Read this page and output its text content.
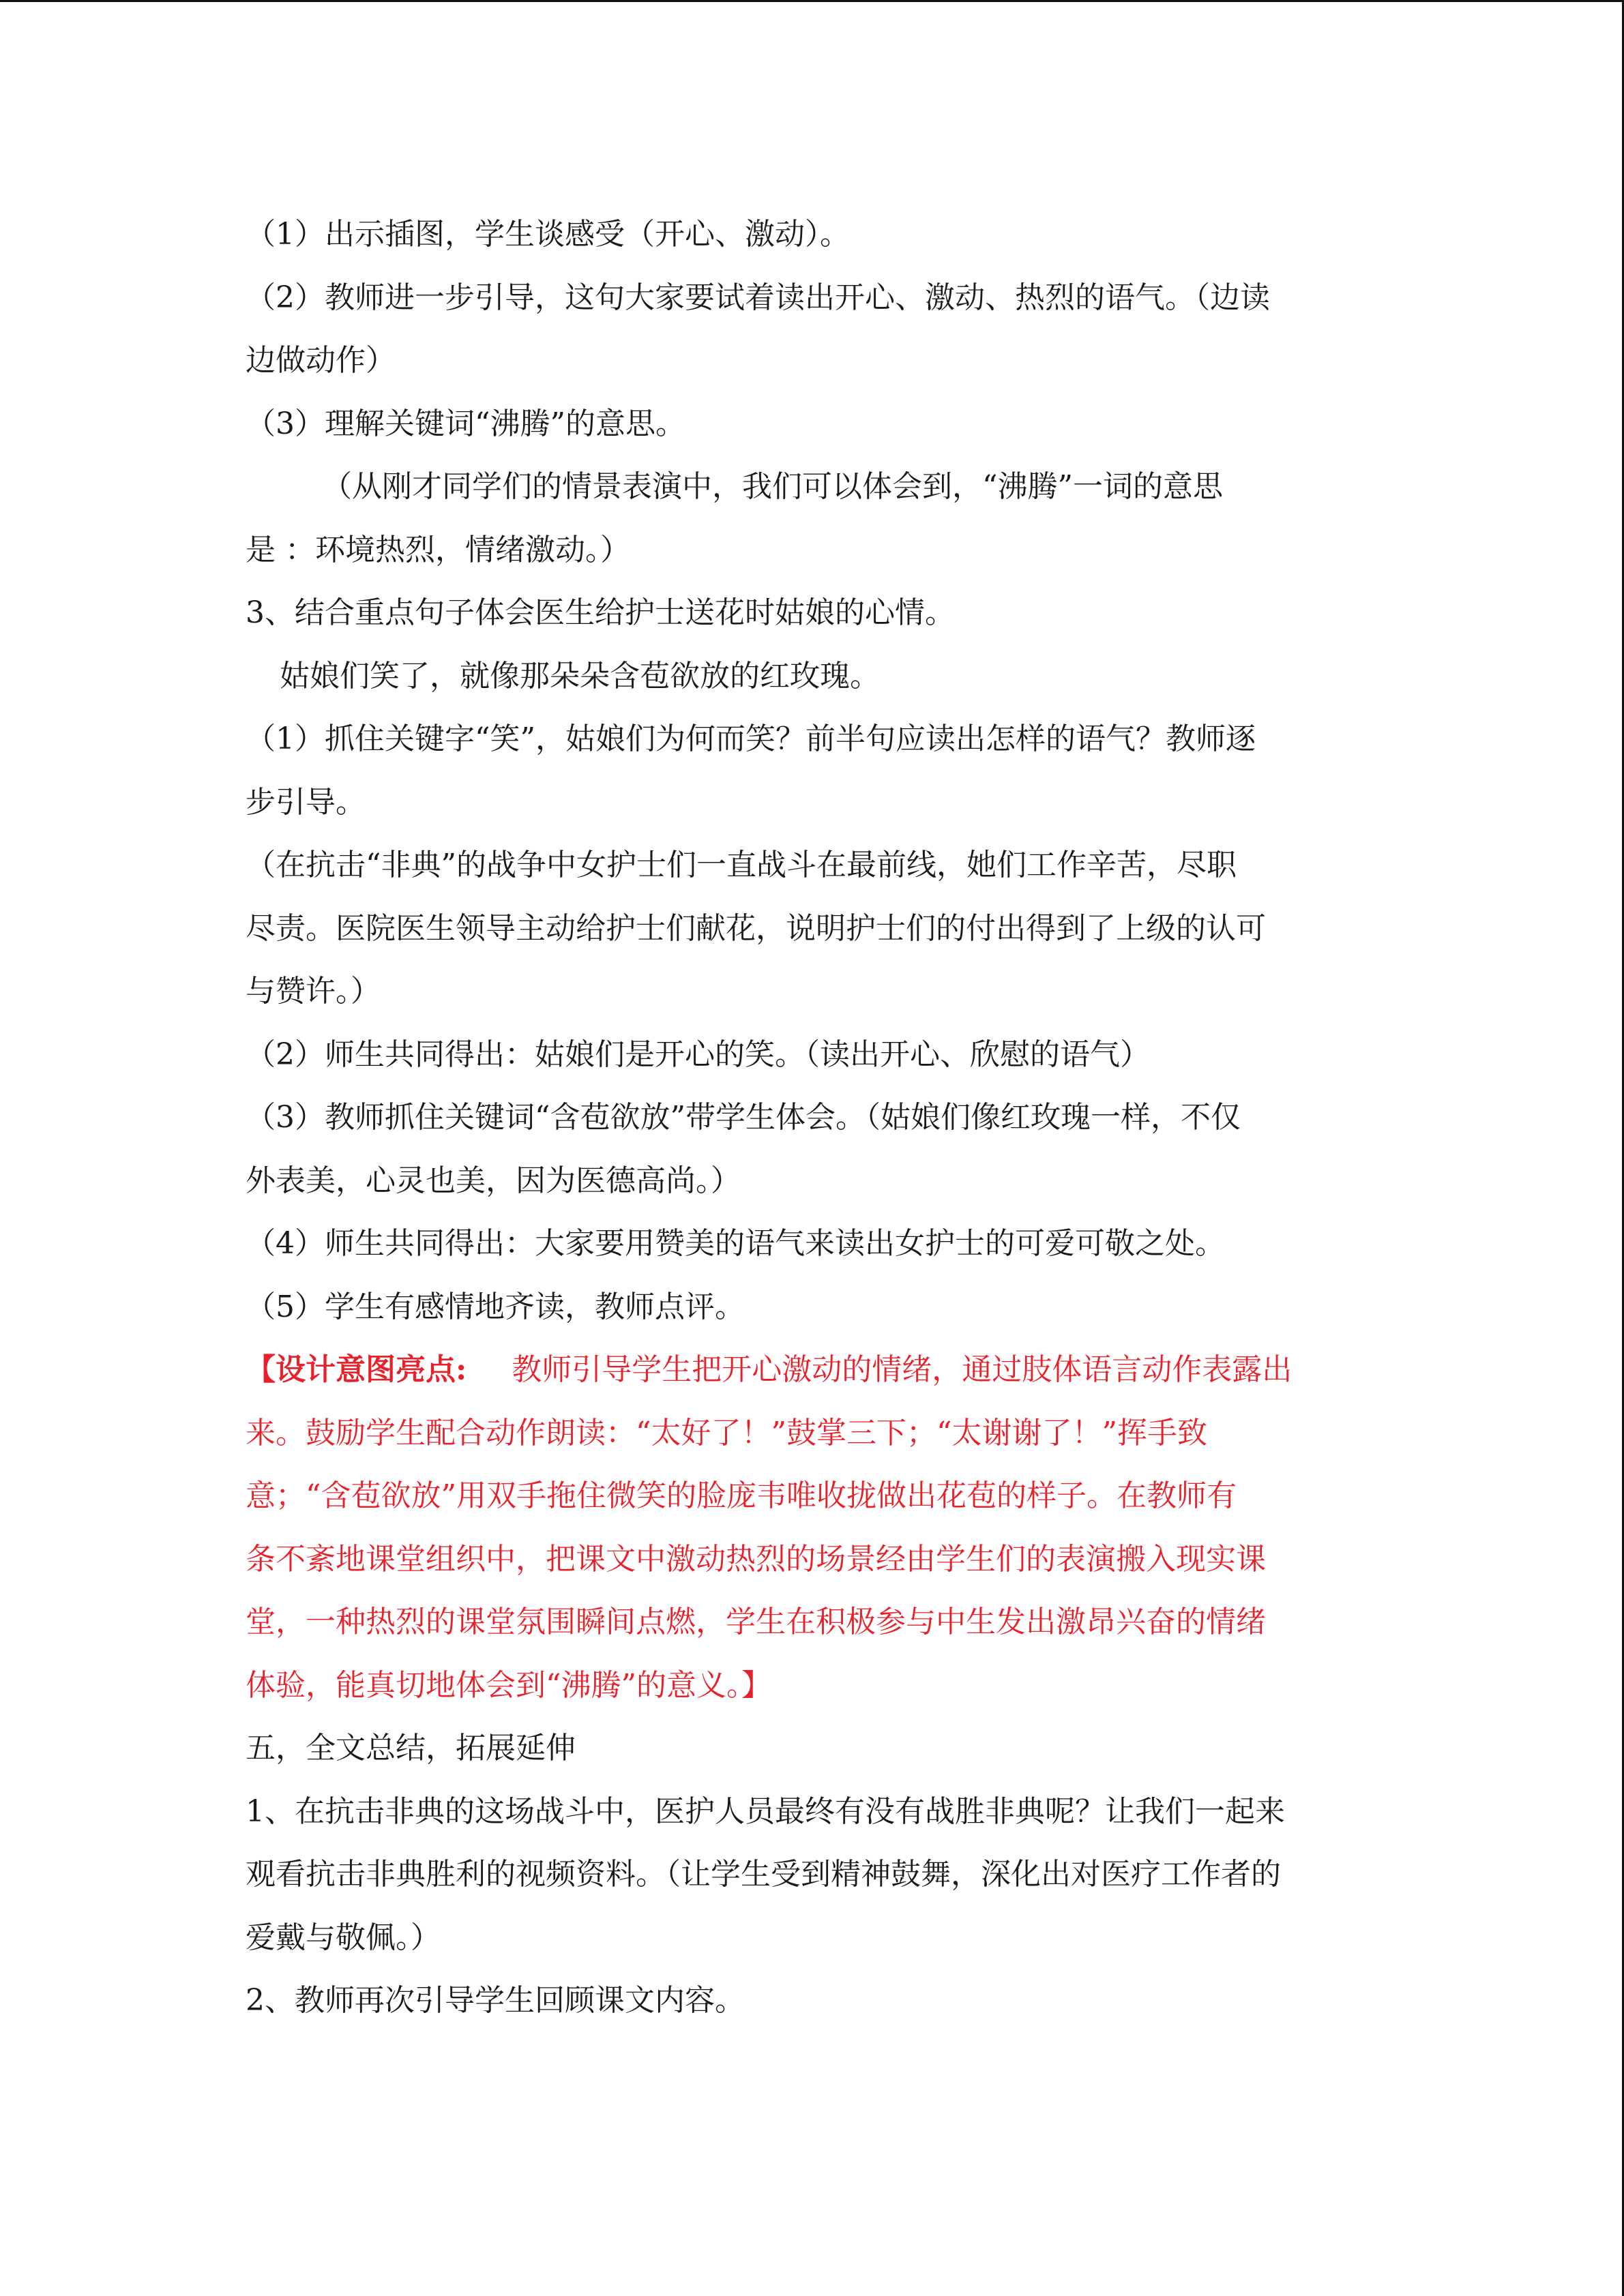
（1）出示插图，学生谈感受（开心、激动）。

（2）教师进一步引导，这句大家要试着读出开心、激动、热烈的语气。（边读

边做动作）

（3）理解关键词“沸腾”的意思。

（从刚才同学们的情景表演中，我们可以体会到，“沸腾”一词的意思

是 ：环境热烈，情绪激动。）

3、结合重点句子体会医生给护士送花时姑娘的心情。

姑娘们笑了，就像那朵朵含苞欲放的红玫瑰。

（1）抓住关键字“笑”，姑娘们为何而笑？前半句应读出怎样的语气？教师逐

步引导。

（在抗击“非典”的战争中女护士们一直战斗在最前线，她们工作辛苦，尽职

尽责。医院医生领导主动给护士们献花，说明护士们的付出得到了上级的认可

与赞许。）

（2）师生共同得出：姑娘们是开心的笑。（读出开心、欣慰的语气）

（3）教师抓住关键词“含苞欲放”带学生体会。（姑娘们像红玫瑰一样，不仅

外表美，心灵也美，因为医德高尚。）

（4）师生共同得出：大家要用赞美的语气来读出女护士的可爱可敬之处。

（5）学生有感情地齐读，教师点评。

【设计意图亮点: 教师引导学生把开心激动的情绪，通过肢体语言动作表露出

来。鼓励学生配合动作朗读：“太好了！”鼓掌三下；“太谢谢了！”挥手致

意；“含苞欲放”用双手拖住微笑的脸庞韦唯收拢做出花苞的样子。在教师有

条不紊地课堂组织中，把课文中激动热烈的场景经由学生们的表演搬入现实课

堂，一种热烈的课堂氛围瞬间点燃，学生在积极参与中生发出激昂兴奋的情绪

体验，能真切地体会到“沸腾”的意义。】

五，全文总结，拓展延伸

1、在抗击非典的这场战斗中，医护人员最终有没有战胜非典呢？让我们一起来

观看抗击非典胜利的视频资料。（让学生受到精神鼓舞，深化出对医疗工作者的

爱戴与敬佩。）

2、教师再次引导学生回顾课文内容。
